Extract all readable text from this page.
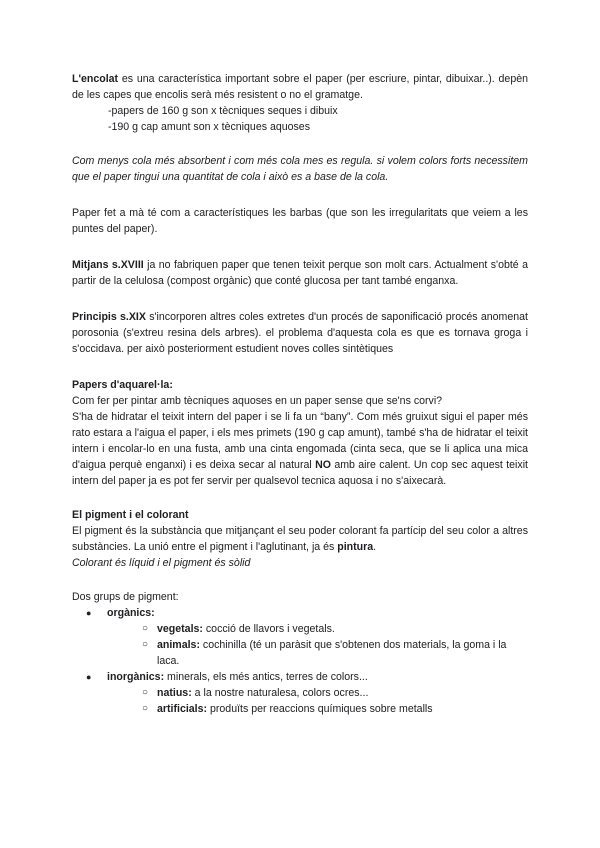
L'encolat es una característica important sobre el paper (per escriure, pintar, dibuixar..). depèn de les capes que encolis serà més resistent o no el gramatge.

-papers de 160 g son x tècniques seques i dibuix

-190 g cap amunt son x tècniques aquoses

Com menys cola més absorbent i com més cola mes es regula. si volem colors forts necessitem que el paper tingui una quantitat de cola i això es a base de la cola.

Paper fet a mà té com a característiques les barbas (que son les irregularitats que veiem a les puntes del paper).

Mitjans s.XVIII ja no fabriquen paper que tenen teixit perque son molt cars. Actualment s'obté a partir de la celulosa (compost orgànic) que conté glucosa per tant també enganxa.

Principis s.XIX s'incorporen altres coles extretes d'un procés de saponificació procés anomenat porosonia (s'extreu resina dels arbres). el problema d'aquesta cola es que es tornava groga i s'occidava. per això posteriorment estudient noves colles sintètiques

Papers d'aquarel·la:

Com fer per pintar amb tècniques aquoses en un paper sense que se'ns corvi?

S'ha de hidratar el teixit intern del paper i se li fa un “bany”. Com més gruixut sigui el paper més rato estara a l'aigua el paper, i els mes primets (190 g cap amunt), també s'ha de hidratar el teixit intern i encolar-lo en una fusta, amb una cinta engomada (cinta seca, que se li aplica una mica d'aigua perquè enganxi) i es deixa secar al natural NO amb aire calent. Un cop sec aquest teixit intern del paper ja es pot fer servir per qualsevol tecnica aquosa i no s'aixecarà.

El pigment i el colorant

El pigment és la substància que mitjançant el seu poder colorant fa partícip del seu color a altres substàncies. La unió entre el pigment i l'aglutinant, ja és pintura.

Colorant és líquid i el pigment és sòlid

Dos grups de pigment:

● orgànics:
○ vegetals: cocció de llavors i vegetals.
○ animals: cochinilla (té un paràsit que s'obtenen dos materials, la goma i la laca.
● inorgànics: minerals, els més antics, terres de colors...
○ natius: a la nostre naturalesa, colors ocres...
○ artificials: produïts per reaccions químiques sobre metalls
